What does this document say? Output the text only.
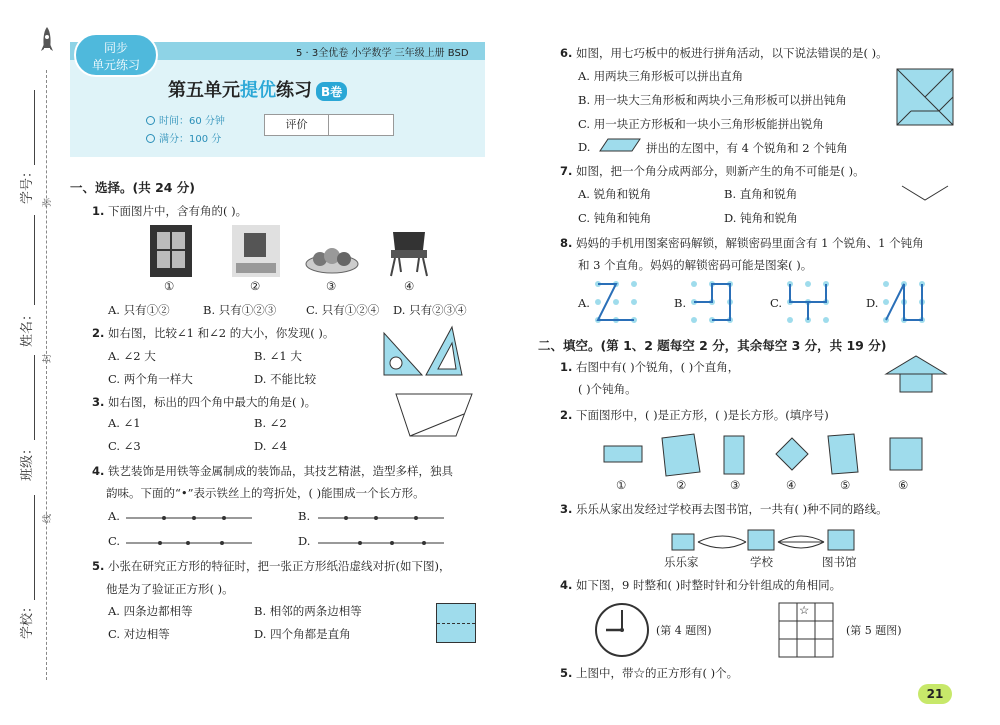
学号：
姓名：
班级：
学校：
弥
封
线
同步
单元练习
5 · 3全优卷 小学数学 三年级上册 BSD
第五单元提优练习 B卷
时间：60 分钟
满分：100 分
评价
一、选择。(共 24 分)
1. 下面图片中，含有角的( )。
①	②	③	④
A. 只有①②	B. 只有①②③	C. 只有①②④ D. 只有②③④
2. 如右图，比较∠1 和∠2 的大小，你发现( )。
A. ∠2 大	B. ∠1 大
C. 两个角一样大	D. 不能比较
3. 如右图，标出的四个角中最大的角是( )。
A. ∠1	B. ∠2
C. ∠3	D. ∠4
4. 铁艺装饰是用铁等金属制成的装饰品，其技艺精湛，造型多样，独具
韵味。下面的“•”表示铁丝上的弯折处，( )能围成一个长方形。
A.	B.
C.	D.
5. 小张在研究正方形的特征时，把一张正方形纸沿虚线对折(如下图)，
他是为了验证正方形( )。
A. 四条边都相等	B. 相邻的两条边相等
C. 对边相等	D. 四个角都是直角
6. 如图，用七巧板中的板进行拼角活动，以下说法错误的是( )。
A. 用两块三角形板可以拼出直角
B. 用一块大三角形板和两块小三角形板可以拼出钝角
C. 用一块正方形板和一块小三角形板能拼出锐角
D.	拼出的左图中，有 4 个锐角和 2 个钝角
7. 如图，把一个角分成两部分，则新产生的角不可能是( )。
A. 锐角和锐角	B. 直角和锐角
C. 钝角和钝角	D. 钝角和锐角
8. 妈妈的手机用图案密码解锁，解锁密码里面含有 1 个锐角、1 个钝角
和 3 个直角。妈妈的解锁密码可能是图案( )。
A.	B.	C.	D.
二、填空。(第 1、2 题每空 2 分，其余每空 3 分，共 19 分)
1. 右图中有( )个锐角，( )个直角，
( )个钝角。
2. 下面图形中，( )是正方形，( )是长方形。(填序号)
①	②	③	④	⑤	⑥
3. 乐乐从家出发经过学校再去图书馆，一共有( )种不同的路线。
乐乐家	学校	图书馆
4. 如下图，9 时整和( )时整时针和分针组成的角相同。
(第 4 题图)
☆
(第 5 题图)
5. 上图中，带☆的正方形有( )个。
21
